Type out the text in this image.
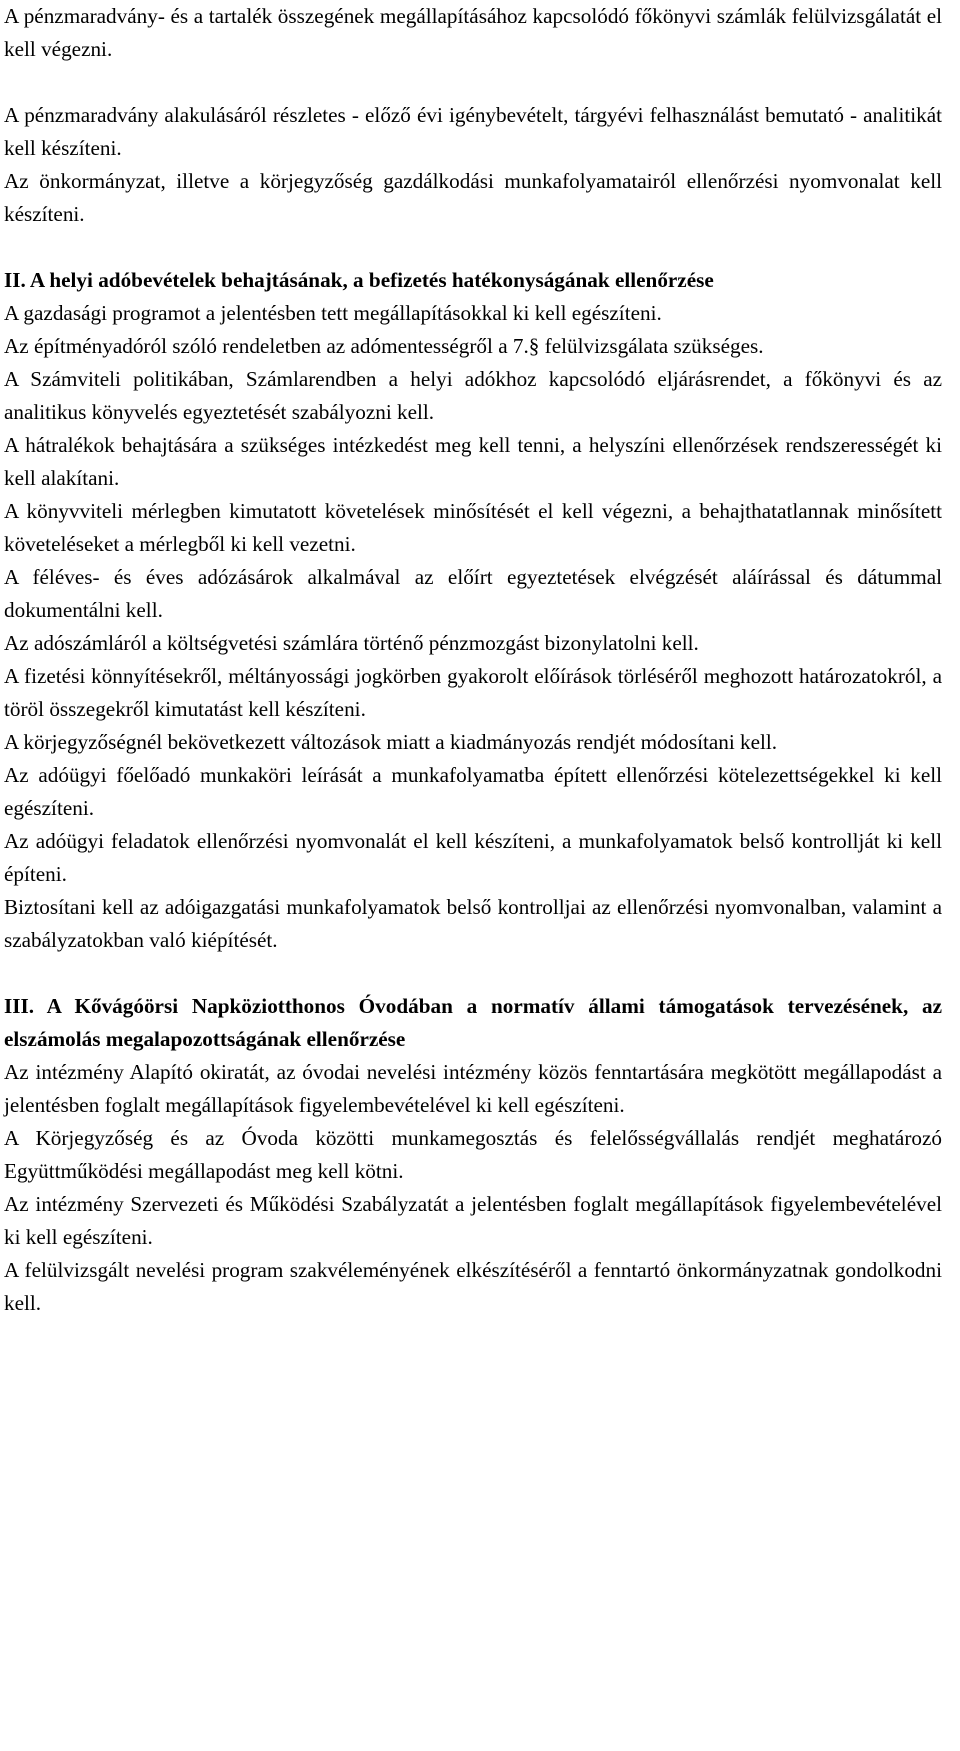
A pénzmaradvány- és a tartalék összegének megállapításához kapcsolódó főkönyvi számlák felülvizsgálatát el kell végezni.

A pénzmaradvány alakulásáról részletes - előző évi igénybevételt, tárgyévi felhasználást bemutató - analitikát kell készíteni.

Az önkormányzat, illetve a körjegyzőség gazdálkodási munkafolyamatairól ellenőrzési nyomvonalat kell készíteni.

II. A helyi adóbevételek behajtásának, a befizetés hatékonyságának ellenőrzése

A gazdasági programot a jelentésben tett megállapításokkal ki kell egészíteni.

Az építményadóról szóló rendeletben az adómentességről a 7.§ felülvizsgálata szükséges.

A Számviteli politikában, Számlarendben a helyi adókhoz kapcsolódó eljárásrendet, a főkönyvi és az analitikus könyvelés egyeztetését szabályozni kell.

A hátralékok behajtására a szükséges intézkedést meg kell tenni, a helyszíni ellenőrzések rendszerességét ki kell alakítani.

A könyvviteli mérlegben kimutatott követelések minősítését el kell végezni, a behajthatatlannak minősített követeléseket a mérlegből ki kell vezetni.

A féléves- és éves adózásárok alkalmával az előírt egyeztetések elvégzését aláírással és dátummal dokumentálni kell.

Az adószámláról a költségvetési számlára történő pénzmozgást bizonylatolni kell.

A fizetési könnyítésekről, méltányossági jogkörben gyakorolt előírások törléséről meghozott határozatokról, a töröl összegekről kimutatást kell készíteni.

A körjegyzőségnél bekövetkezett változások miatt a kiadmányozás rendjét módosítani kell.

Az adóügyi főelőadó munkaköri leírását a munkafolyamatba épített ellenőrzési kötelezettségekkel ki kell egészíteni.

Az adóügyi feladatok ellenőrzési nyomvonalát el kell készíteni, a munkafolyamatok belső kontrollját ki kell építeni.

Biztosítani kell az adóigazgatási munkafolyamatok belső kontrolljai az ellenőrzési nyomvonalban, valamint a szabályzatokban való kiépítését.

III. A Kővágóörsi Napköziotthonos Óvodában a normatív állami támogatások tervezésének, az elszámolás megalapozottságának ellenőrzése

Az intézmény Alapító okiratát, az óvodai nevelési intézmény közös fenntartására megkötött megállapodást a jelentésben foglalt megállapítások figyelembevételével ki kell egészíteni.

A Körjegyzőség és az Óvoda közötti munkamegosztás és felelősségvállalás rendjét meghatározó Együttműködési megállapodást meg kell kötni.

Az intézmény Szervezeti és Működési Szabályzatát a jelentésben foglalt megállapítások figyelembevételével ki kell egészíteni.

A felülvizsgált nevelési program szakvéleményének elkészítéséről a fenntartó önkormányzatnak gondolkodni kell.
